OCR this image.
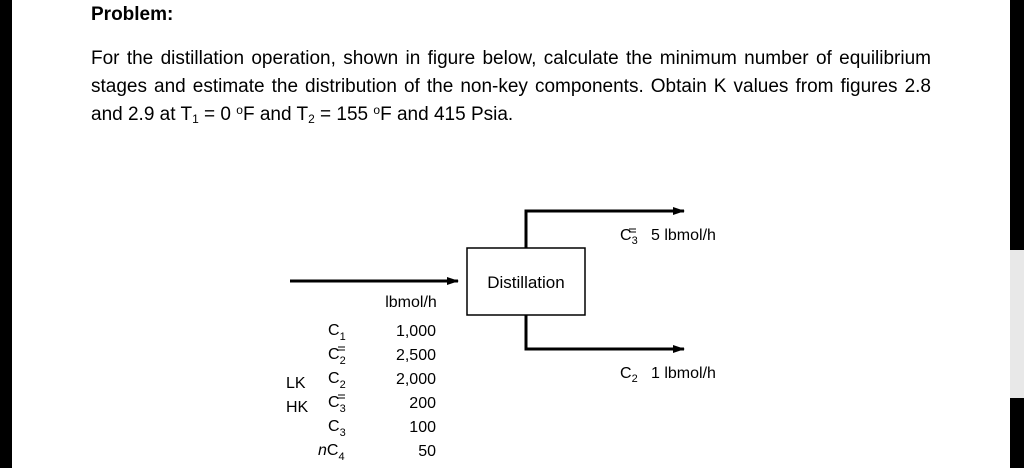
Problem:

For the distillation operation, shown in figure below, calculate the minimum number of equilibrium stages and estimate the distribution of the non-key components. Obtain K values from figures 2.8 and 2.9 at $T_1 = 0$ $^o$F and $T_2 = 155$ $^o$F and 415 Psia.

Distillation
$C_3$ 5 lbmol/h
$C_2$ 1 lbmol/h
lbmol/h
$C_1$	1,000
$C_2$	2,500
LK $C_2$	2,000
HK $C_3$	200
$C_3$	100
$nC_4$	50
